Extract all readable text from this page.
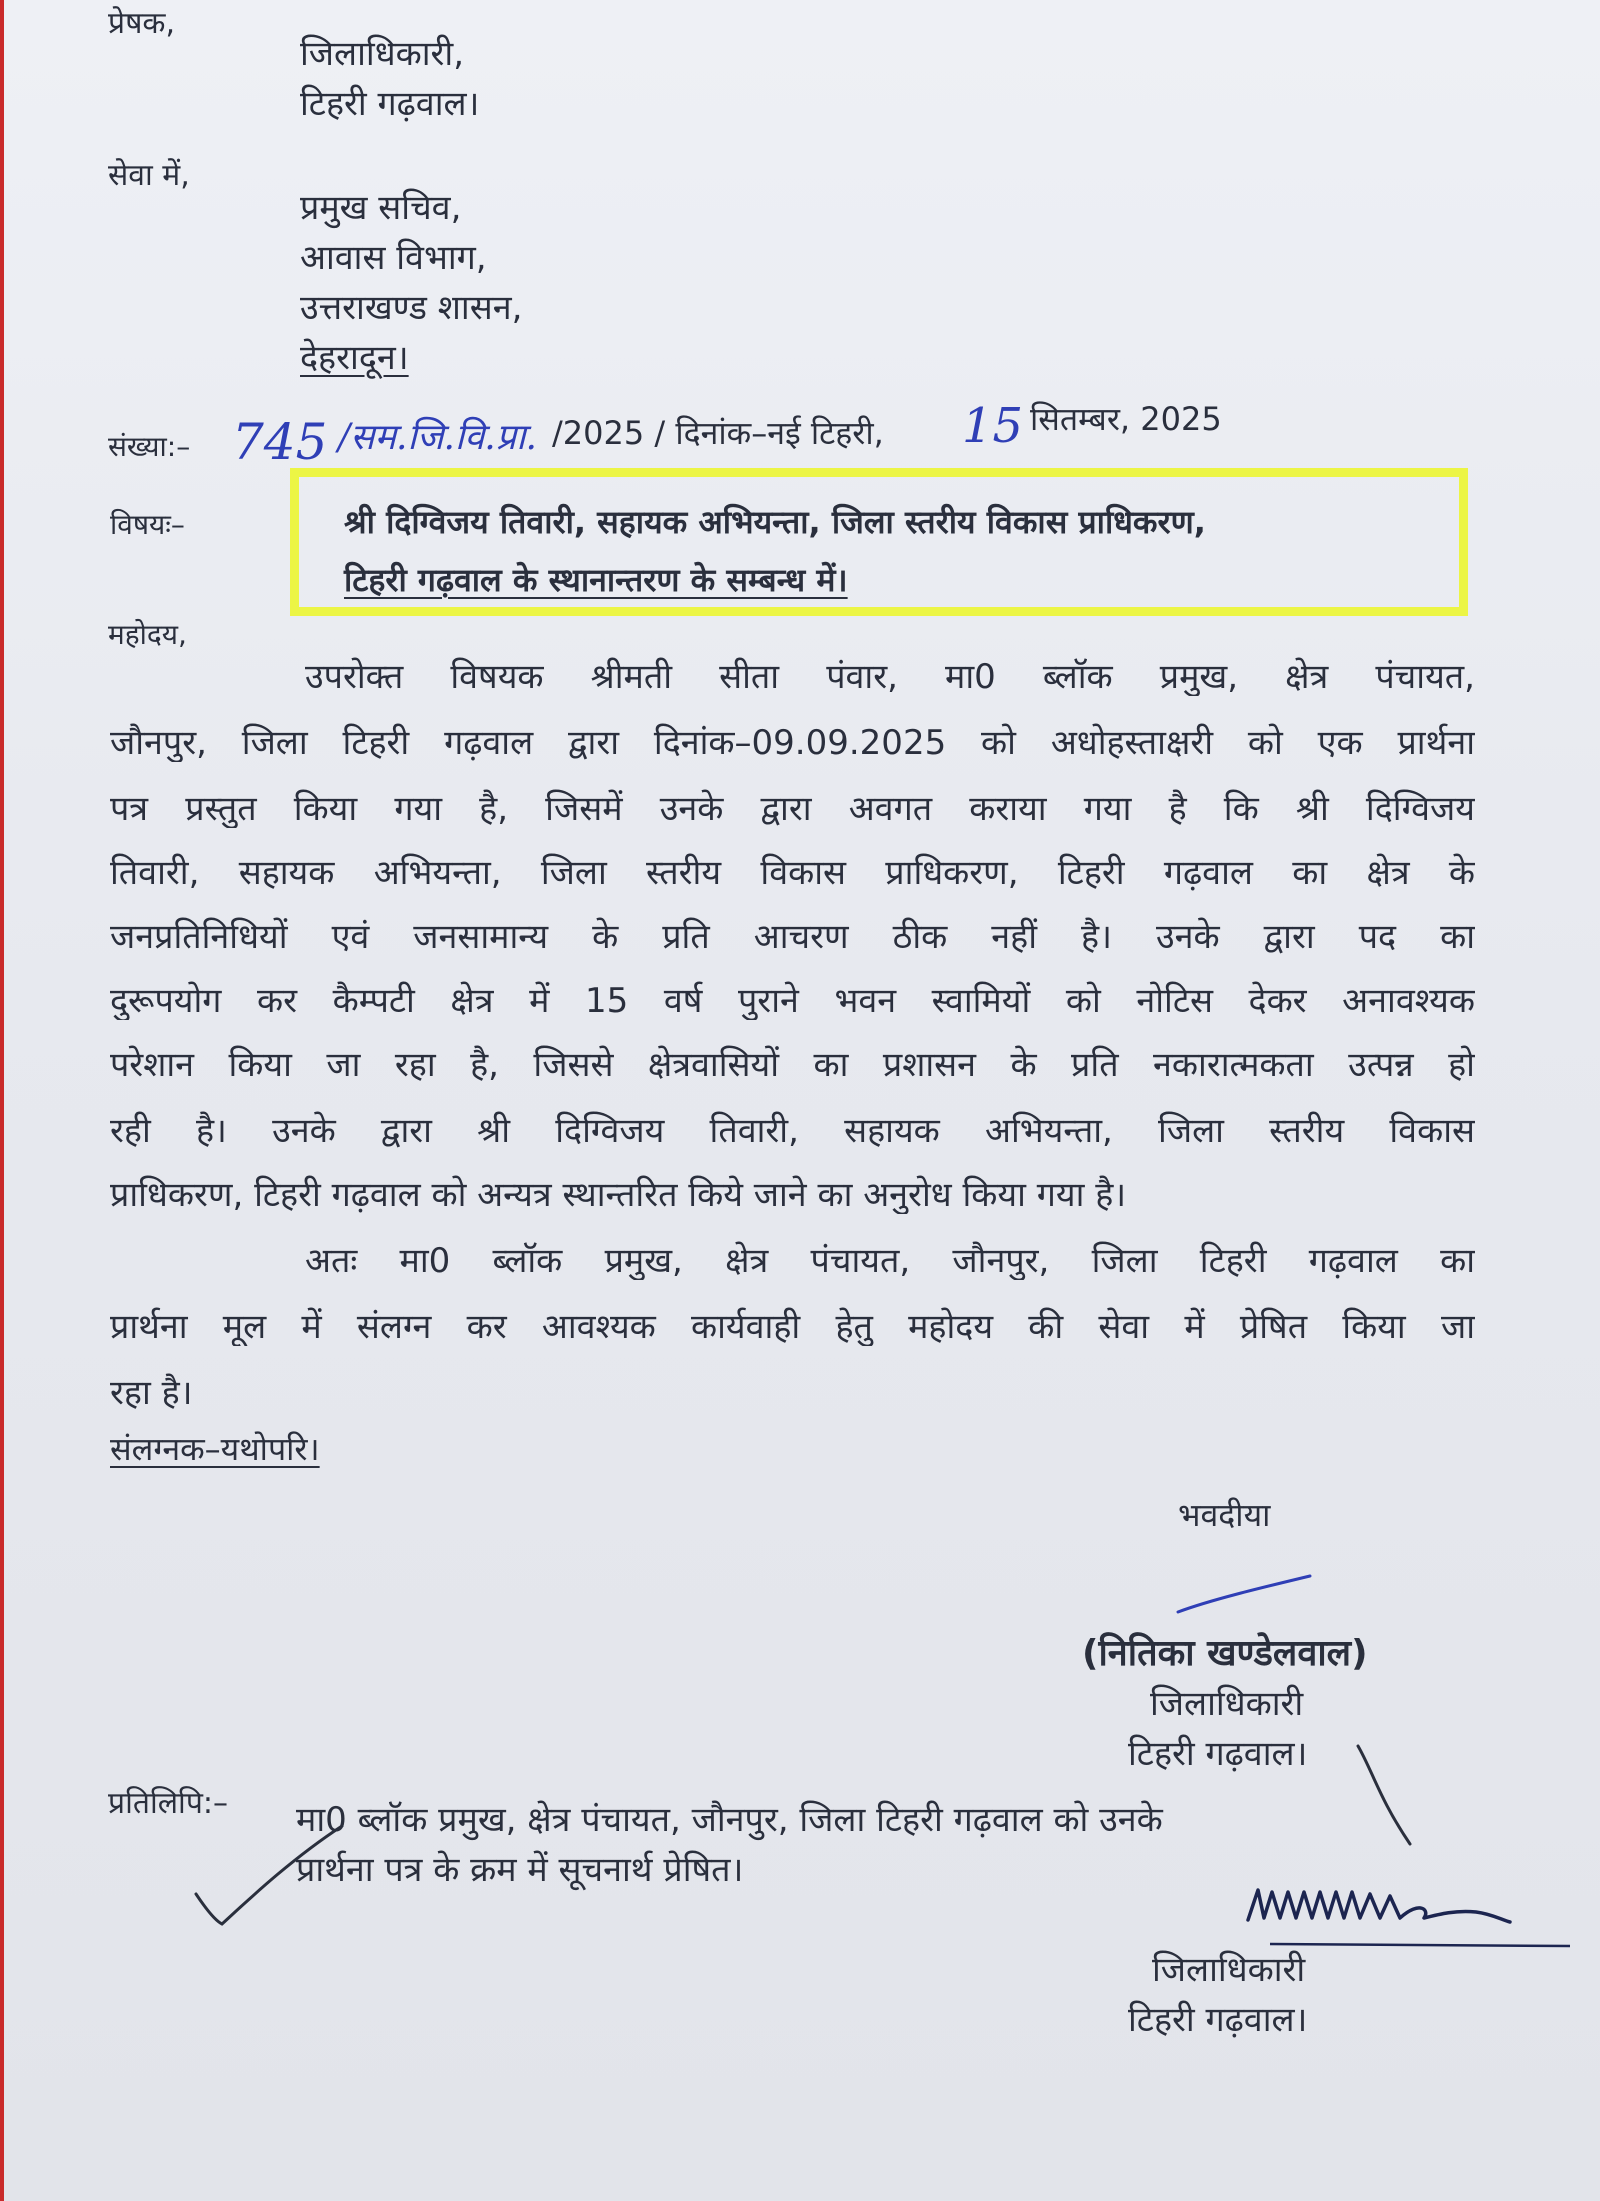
प्रेषक,
जिलाधिकारी,
टिहरी गढ़वाल।
सेवा में,
प्रमुख सचिव,
आवास विभाग,
उत्तराखण्ड शासन,
देहरादून।
संख्या:– 745 /सम.जि.वि.प्रा. /2025 / दिनांक–नई टिहरी, 15 सितम्बर, 2025
विषयः–	श्री दिग्विजय तिवारी, सहायक अभियन्ता, जिला स्तरीय विकास प्राधिकरण,
टिहरी गढ़वाल के स्थानान्तरण के सम्बन्ध में।
महोदय,
उपरोक्त विषयक श्रीमती सीता पंवार, मा0 ब्लॉक प्रमुख, क्षेत्र पंचायत,
जौनपुर, जिला टिहरी गढ़वाल द्वारा दिनांक–09.09.2025 को अधोहस्ताक्षरी को एक प्रार्थना
पत्र प्रस्तुत किया गया है, जिसमें उनके द्वारा अवगत कराया गया है कि श्री दिग्विजय
तिवारी, सहायक अभियन्ता, जिला स्तरीय विकास प्राधिकरण, टिहरी गढ़वाल का क्षेत्र के
जनप्रतिनिधियों एवं जनसामान्य के प्रति आचरण ठीक नहीं है। उनके द्वारा पद का
दुरूपयोग कर कैम्पटी क्षेत्र में 15 वर्ष पुराने भवन स्वामियों को नोटिस देकर अनावश्यक
परेशान किया जा रहा है, जिससे क्षेत्रवासियों का प्रशासन के प्रति नकारात्मकता उत्पन्न हो
रही है। उनके द्वारा श्री दिग्विजय तिवारी, सहायक अभियन्ता, जिला स्तरीय विकास
प्राधिकरण, टिहरी गढ़वाल को अन्यत्र स्थान्तरित किये जाने का अनुरोध किया गया है।
अतः मा0 ब्लॉक प्रमुख, क्षेत्र पंचायत, जौनपुर, जिला टिहरी गढ़वाल का
प्रार्थना मूल में संलग्न कर आवश्यक कार्यवाही हेतु महोदय की सेवा में प्रेषित किया जा
रहा है।
संलग्नक–यथोपरि।
भवदीया
(नितिका खण्डेलवाल)
जिलाधिकारी
टिहरी गढ़वाल।
प्रतिलिपि:– मा0 ब्लॉक प्रमुख, क्षेत्र पंचायत, जौनपुर, जिला टिहरी गढ़वाल को उनके
प्रार्थना पत्र के क्रम में सूचनार्थ प्रेषित।
जिलाधिकारी
टिहरी गढ़वाल।
